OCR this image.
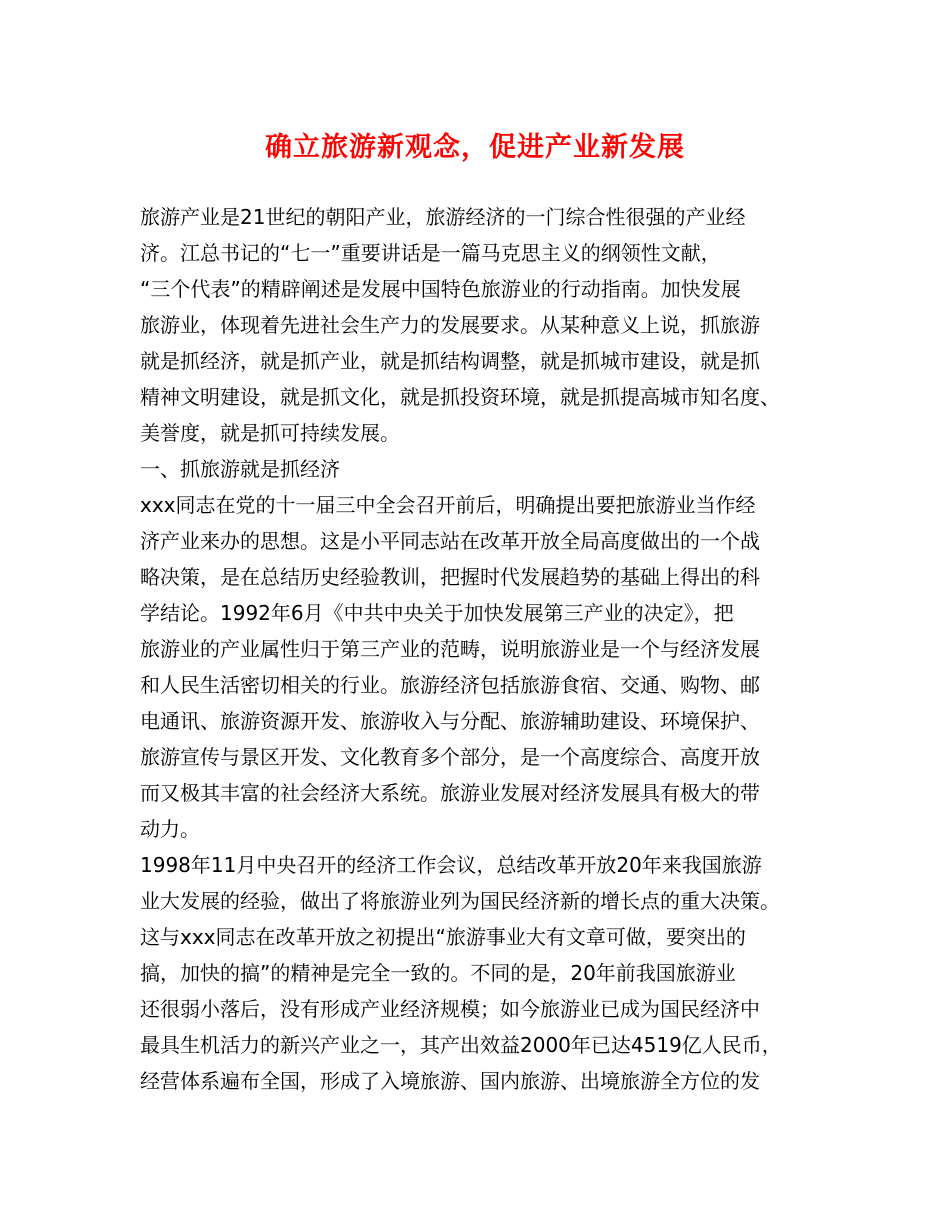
确立旅游新观念，促进产业新发展
旅游产业是21世纪的朝阳产业，旅游经济的一门综合性很强的产业经
济。江总书记的“七一”重要讲话是一篇马克思主义的纲领性文献，
“三个代表”的精辟阐述是发展中国特色旅游业的行动指南。加快发展
旅游业，体现着先进社会生产力的发展要求。从某种意义上说，抓旅游
就是抓经济，就是抓产业，就是抓结构调整，就是抓城市建设，就是抓
精神文明建设，就是抓文化，就是抓投资环境，就是抓提高城市知名度、
美誉度，就是抓可持续发展。
一、抓旅游就是抓经济
xxx同志在党的十一届三中全会召开前后，明确提出要把旅游业当作经
济产业来办的思想。这是小平同志站在改革开放全局高度做出的一个战
略决策，是在总结历史经验教训，把握时代发展趋势的基础上得出的科
学结论。1992年6月《中共中央关于加快发展第三产业的决定》，把
旅游业的产业属性归于第三产业的范畴，说明旅游业是一个与经济发展
和人民生活密切相关的行业。旅游经济包括旅游食宿、交通、购物、邮
电通讯、旅游资源开发、旅游收入与分配、旅游辅助建设、环境保护、
旅游宣传与景区开发、文化教育多个部分，是一个高度综合、高度开放
而又极其丰富的社会经济大系统。旅游业发展对经济发展具有极大的带
动力。
1998年11月中央召开的经济工作会议，总结改革开放20年来我国旅游
业大发展的经验，做出了将旅游业列为国民经济新的增长点的重大决策。
这与xxx同志在改革开放之初提出“旅游事业大有文章可做，要突出的
搞，加快的搞”的精神是完全一致的。不同的是，20年前我国旅游业
还很弱小落后，没有形成产业经济规模；如今旅游业已成为国民经济中
最具生机活力的新兴产业之一，其产出效益2000年已达4519亿人民币，
经营体系遍布全国，形成了入境旅游、国内旅游、出境旅游全方位的发
